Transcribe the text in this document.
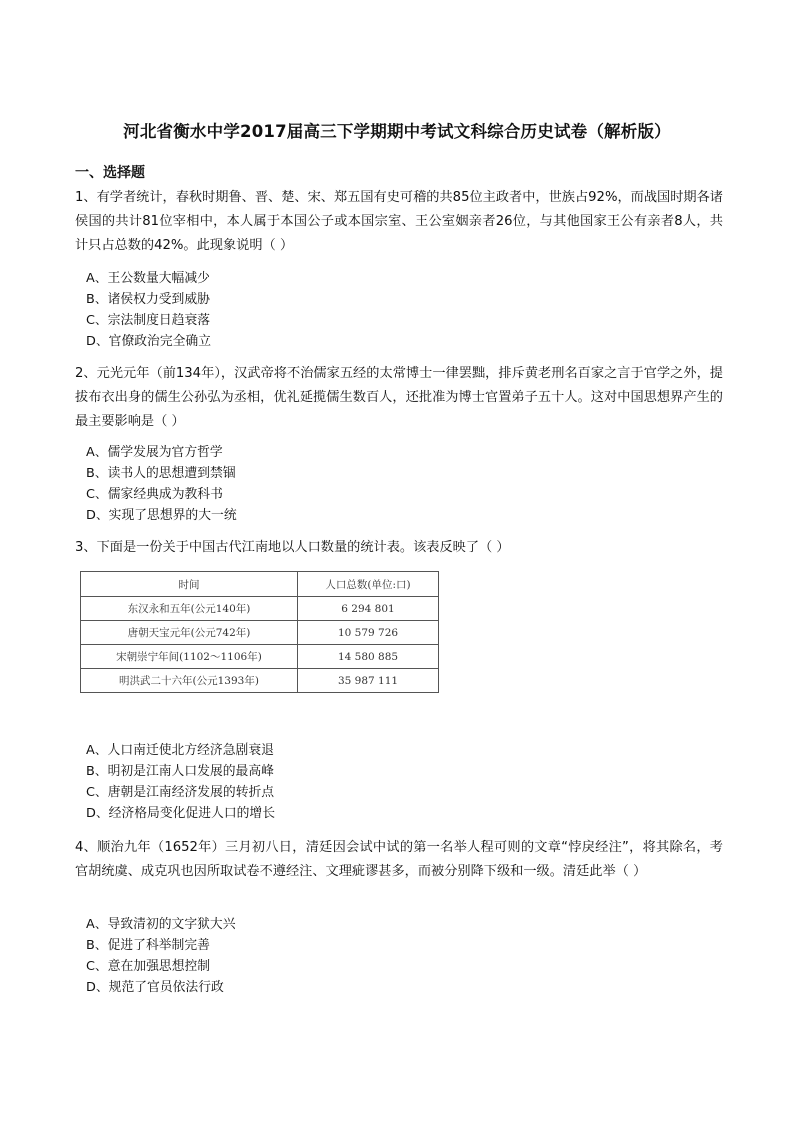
河北省衡水中学2017届高三下学期期中考试文科综合历史试卷（解析版）
一、选择题
1、有学者统计，春秋时期鲁、晋、楚、宋、郑五国有史可稽的共85位主政者中，世族占92%，而战国时期各诸侯国的共计81位宰相中，本人属于本国公子或本国宗室、王公室姻亲者26位，与其他国家王公有亲者8人，共计只占总数的42%。此现象说明（ ）
A、王公数量大幅减少
B、诸侯权力受到威胁
C、宗法制度日趋衰落
D、官僚政治完全确立
2、元光元年（前134年），汉武帝将不治儒家五经的太常博士一律罢黜，排斥黄老刑名百家之言于官学之外，提拔布衣出身的儒生公孙弘为丞相，优礼延揽儒生数百人，还批准为博士官置弟子五十人。这对中国思想界产生的最主要影响是（ ）
A、儒学发展为官方哲学
B、读书人的思想遭到禁锢
C、儒家经典成为教科书
D、实现了思想界的大一统
3、下面是一份关于中国古代江南地以人口数量的统计表。该表反映了（ ）
时间	人口总数(单位:口)
东汉永和五年(公元140年)	6 294 801
唐朝天宝元年(公元742年)	10 579 726
宋朝崇宁年间(1102～1106年)	14 580 885
明洪武二十六年(公元1393年)	35 987 111
A、人口南迁使北方经济急剧衰退
B、明初是江南人口发展的最高峰
C、唐朝是江南经济发展的转折点
D、经济格局变化促进人口的增长
4、顺治九年（1652年）三月初八日，清廷因会试中试的第一名举人程可则的文章“悖戾经注”，将其除名，考官胡统虞、成克巩也因所取试卷不遵经注、文理疵谬甚多，而被分别降下级和一级。清廷此举（ ）
A、导致清初的文字狱大兴
B、促进了科举制完善
C、意在加强思想控制
D、规范了官员依法行政
